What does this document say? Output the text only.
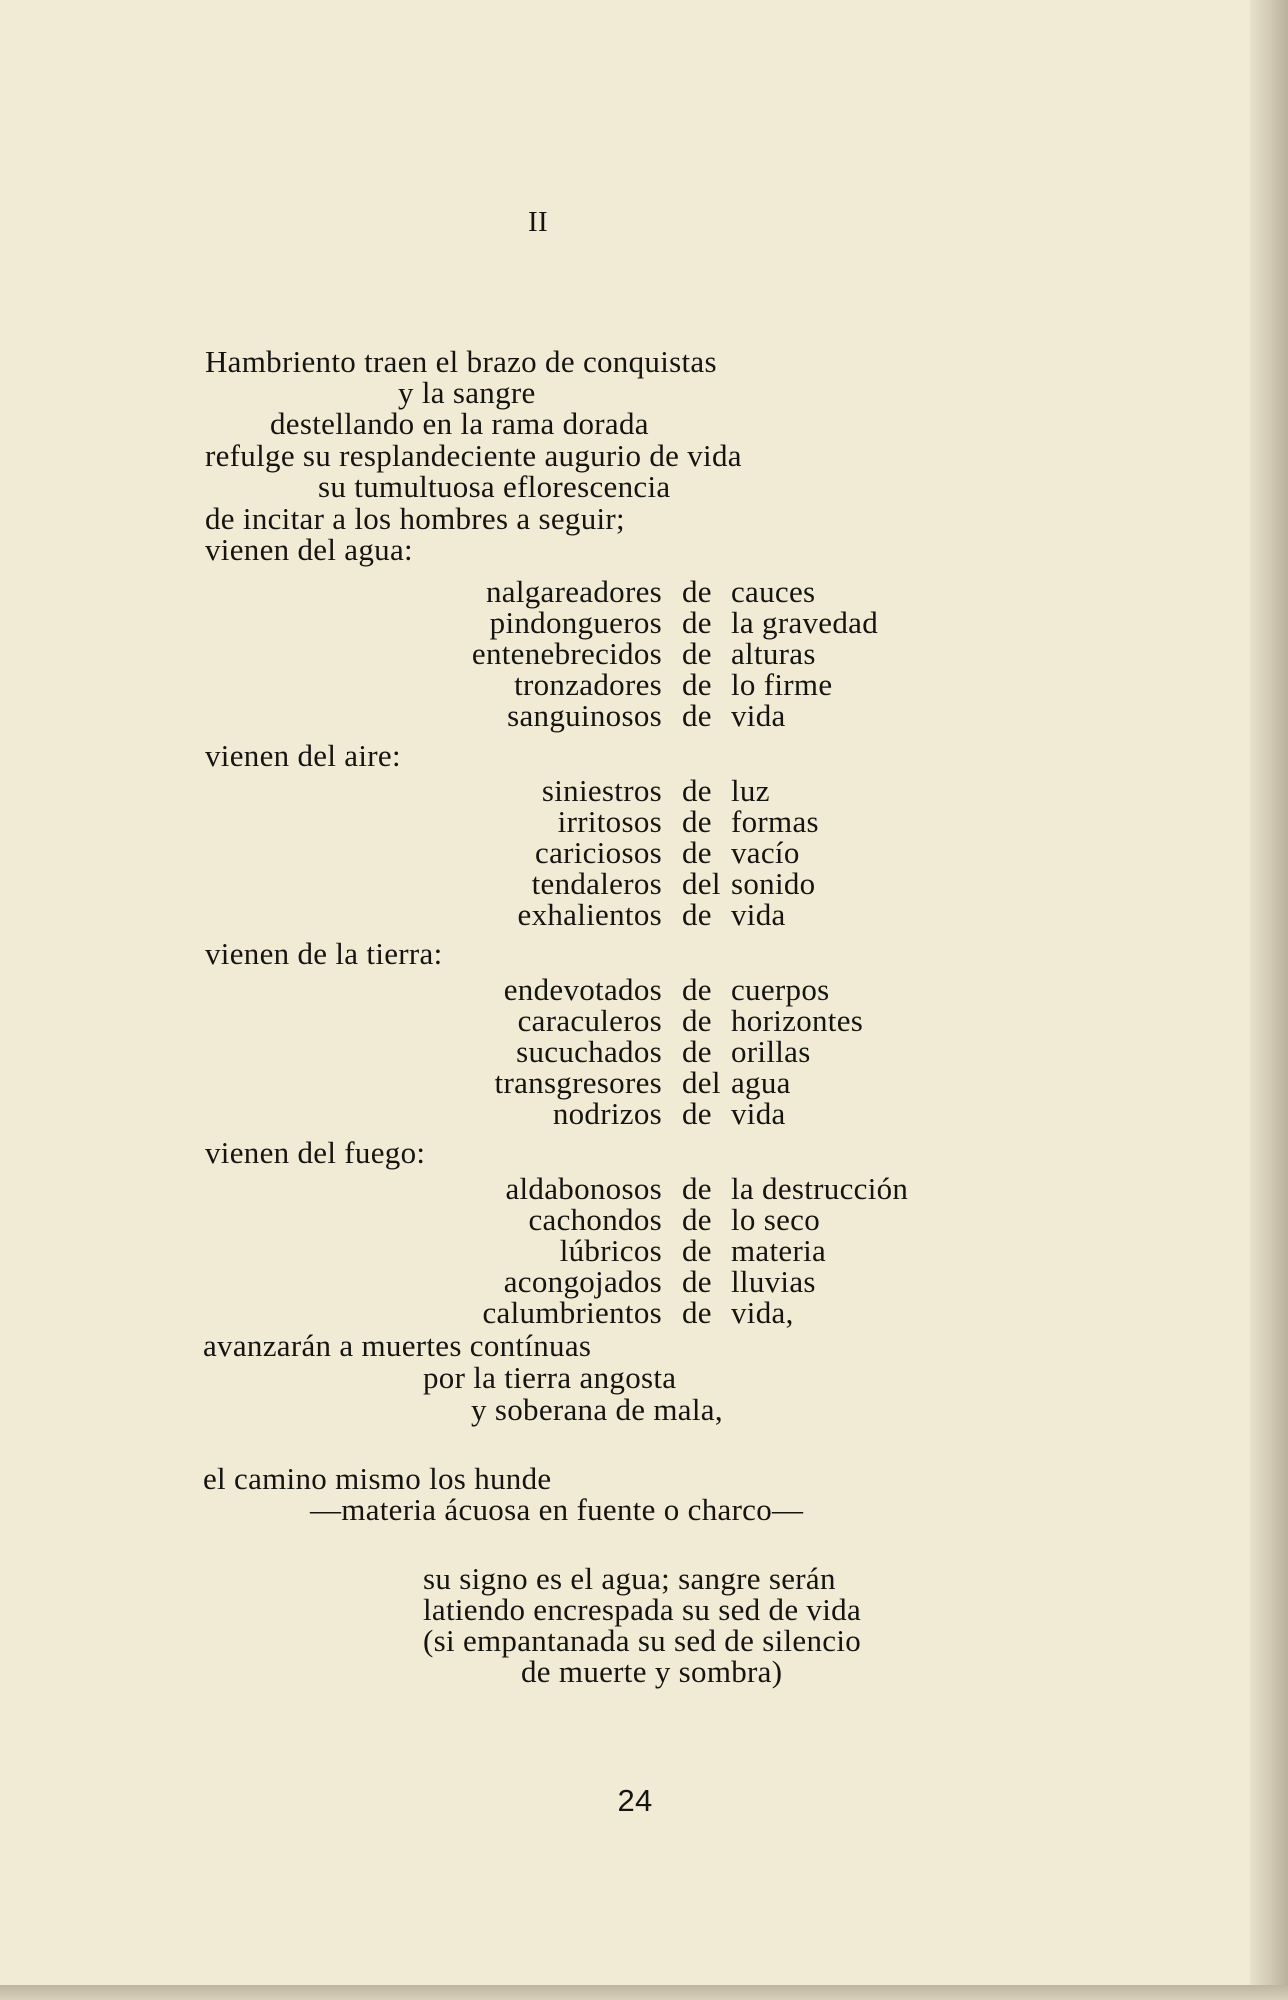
II
Hambriento traen el brazo de conquistas
y la sangre
destellando en la rama dorada
refulge su resplandeciente augurio de vida
su tumultuosa eflorescencia
de incitar a los hombres a seguir;
vienen del agua:
nalgareadores de cauces
pindongueros de la gravedad
entenebrecidos de alturas
tronzadores de lo firme
sanguinosos de vida
vienen del aire:
siniestros de luz
irritosos de formas
cariciosos de vacío
tendaleros del sonido
exhalientos de vida
vienen de la tierra:
endevotados de cuerpos
caraculeros de horizontes
sucuchados de orillas
transgresores del agua
nodrizos de vida
vienen del fuego:
aldabonosos de la destrucción
cachondos de lo seco
lúbricos de materia
acongojados de lluvias
calumbrientos de vida,
avanzarán a muertes contínuas
por la tierra angosta
y soberana de mala,
el camino mismo los hunde
—materia ácuosa en fuente o charco—
su signo es el agua; sangre serán
latiendo encrespada su sed de vida
(si empantanada su sed de silencio
de muerte y sombra)
24
